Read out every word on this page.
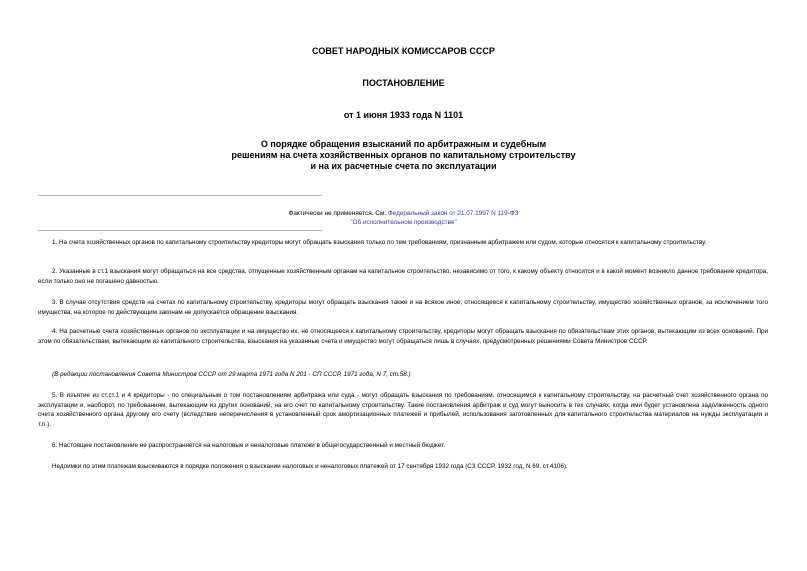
СОВЕТ НАРОДНЫХ КОМИССАРОВ СССР
ПОСТАНОВЛЕНИЕ
от 1 июня 1933 года N 1101
О порядке обращения взысканий по арбитражным и судебным
решениям на счета хозяйственных органов по капитальному строительству
и на их расчетные счета по эксплуатации
Фактически не применяется. См. Федеральный закон от 21.07.1997 N 119-ФЗ
"Об исполнительном производстве"
1. На счета хозяйственных органов по капитальному строительству кредиторы могут обращать взыскания только по тем требованиям, признанным арбитражем или судом, которые относятся к капитальному строительству.
2. Указанные в ст.1 взыскания могут обращаться на все средства, отпущенные хозяйственным органам на капитальное строительство, независимо от того, к какому объекту относится и в какой момент возникло данное требование кредитора, если только оно не погашено давностью.
3. В случае отсутствия средств на счетах по капитальному строительству, кредиторы могут обращать взыскания также и на всякое иное, относящееся к капитальному строительству, имущество хозяйственных органов, за исключением того имущества, на которое по действующим законам не допускается обращение взыскания.
4. На расчетные счета хозяйственных органов по эксплуатации и на имущество их, не относящееся к капитальному строительству, кредиторы могут обращать взыскания по обязательствам этих органов, вытекающим из всех оснований. При этом по обязательствам, вытекающим из капитального строительства, взыскания на указанные счета и имущество могут обращаться лишь в случаях, предусмотренных решениями Совета Министров СССР.
(В редакции постановления Совета Министров СССР от 29 марта 1971 года N 201 - СП СССР, 1971 года, N 7, ст.58.)
5. В изъятие из ст.ст.1 и 4 кредиторы - по специальным о том постановлениям арбитража или суда - могут обращать взыскания по требованиям, относящимся к капитальному строительству, на расчетный счет хозяйственного органа по эксплуатации и, наоборот, по требованиям, вытекающим из других оснований, на его счет по капитальному строительству. Такие постановления арбитраж и суд могут выносить в тех случаях, когда ими будет установлена задолженность одного счета хозяйственного органа другому его счету (вследствие неперечисления в установленный срок амортизационных платежей и прибылей, использования заготовленных для капитального строительства материалов на нужды эксплуатации и т.п.).
6. Настоящее постановление не распространяется на налоговые и неналоговые платежи в общегосударственный и местный бюджет.
Недоимки по этим платежам взыскиваются в порядке положения о взыскании налоговых и неналоговых платежей от 17 сентября 1932 года (СЗ СССР, 1932 год, N 69, ст.4106).
